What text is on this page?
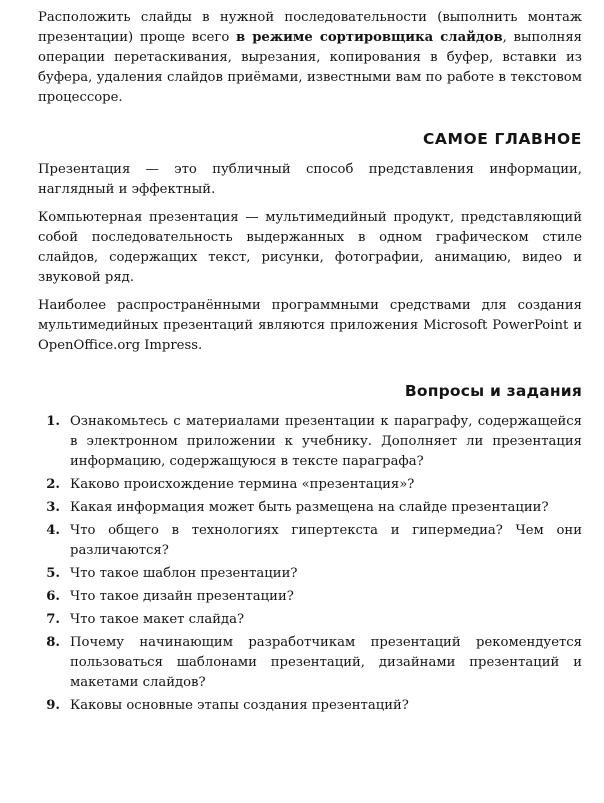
Расположить слайды в нужной последовательности (выполнить монтаж презентации) проще всего в режиме сортировщика слайдов, выполняя операции перетаскивания, вырезания, копирования в буфер, вставки из буфера, удаления слайдов приёмами, известными вам по работе в текстовом процессоре.

САМОЕ ГЛАВНОЕ

Презентация — это публичный способ представления информации, наглядный и эффектный.

Компьютерная презентация — мультимедийный продукт, представляющий собой последовательность выдержанных в одном графическом стиле слайдов, содержащих текст, рисунки, фотографии, анимацию, видео и звуковой ряд.

Наиболее распространёнными программными средствами для создания мультимедийных презентаций являются приложения Microsoft PowerPoint и OpenOffice.org Impress.

Вопросы и задания
1. Ознакомьтесь с материалами презентации к параграфу, содержащейся в электронном приложении к учебнику. Дополняет ли презентация информацию, содержащуюся в тексте параграфа?
2. Каково происхождение термина «презентация»?
3. Какая информация может быть размещена на слайде презентации?
4. Что общего в технологиях гипертекста и гипермедиа? Чем они различаются?
5. Что такое шаблон презентации?
6. Что такое дизайн презентации?
7. Что такое макет слайда?
8. Почему начинающим разработчикам презентаций рекомендуется пользоваться шаблонами презентаций, дизайнами презентаций и макетами слайдов?
9. Каковы основные этапы создания презентаций?
